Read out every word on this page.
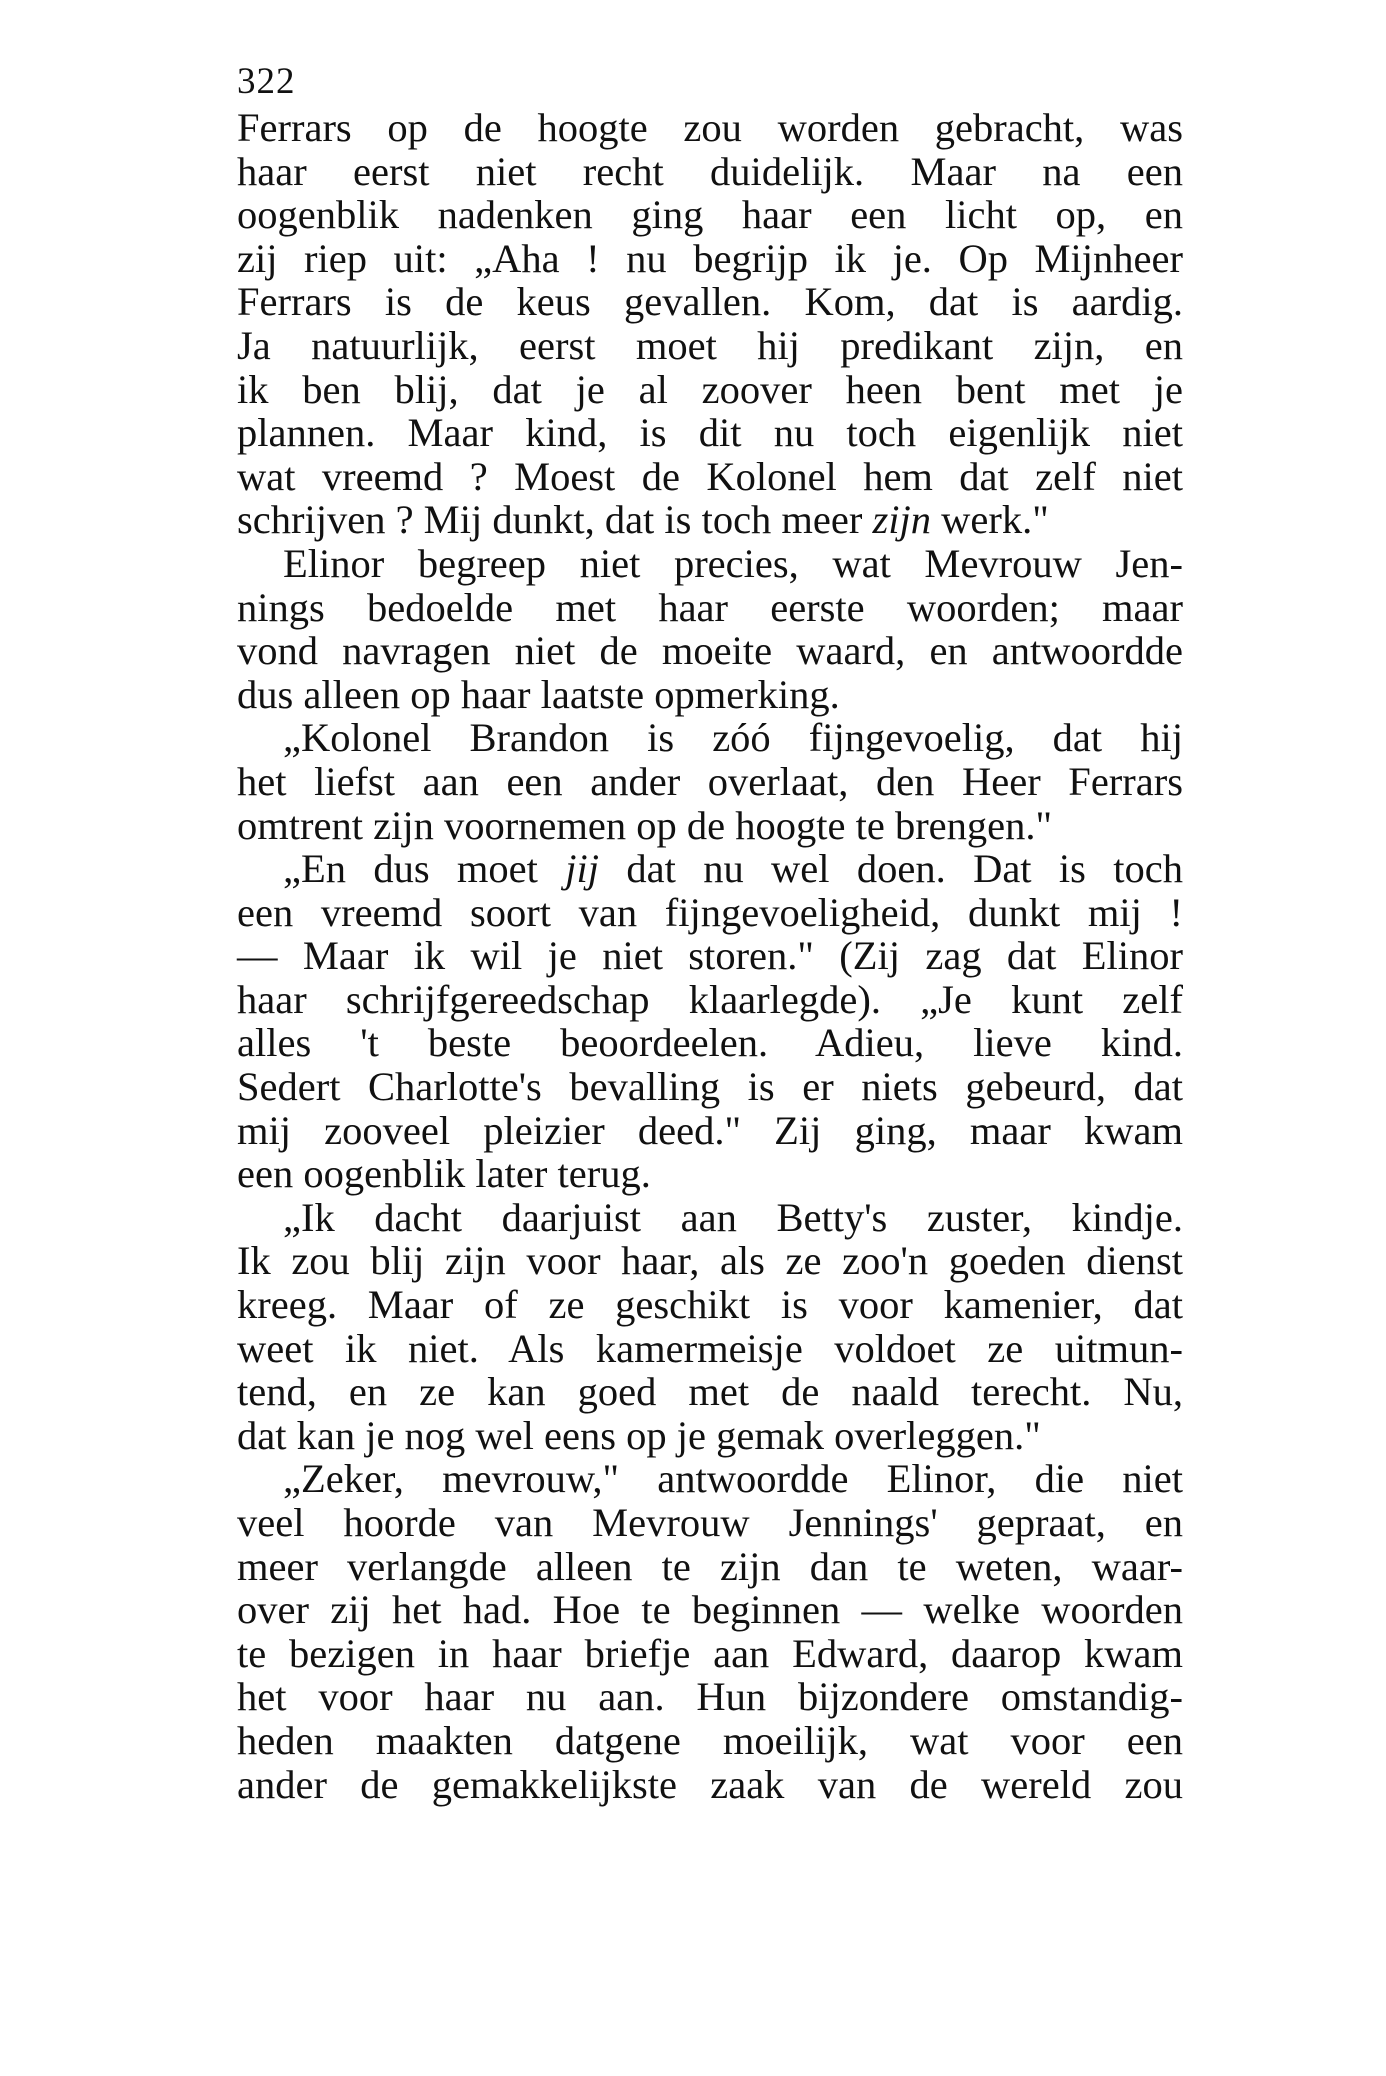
322
Ferrars op de hoogte zou worden gebracht, was
haar eerst niet recht duidelijk. Maar na een
oogenblik nadenken ging haar een licht op, en
zij riep uit: „Aha ! nu begrijp ik je. Op Mijnheer
Ferrars is de keus gevallen. Kom, dat is aardig.
Ja natuurlijk, eerst moet hij predikant zijn, en
ik ben blij, dat je al zoover heen bent met je
plannen. Maar kind, is dit nu toch eigenlijk niet
wat vreemd ? Moest de Kolonel hem dat zelf niet
schrijven ? Mij dunkt, dat is toch meer zijn werk."
Elinor begreep niet precies, wat Mevrouw Jen-
nings bedoelde met haar eerste woorden; maar
vond navragen niet de moeite waard, en antwoordde
dus alleen op haar laatste opmerking.
„Kolonel Brandon is zóó fijngevoelig, dat hij
het liefst aan een ander overlaat, den Heer Ferrars
omtrent zijn voornemen op de hoogte te brengen."
„En dus moet jij dat nu wel doen. Dat is toch
een vreemd soort van fijngevoeligheid, dunkt mij !
— Maar ik wil je niet storen." (Zij zag dat Elinor
haar schrijfgereedschap klaarlegde). „Je kunt zelf
alles 't beste beoordeelen. Adieu, lieve kind.
Sedert Charlotte's bevalling is er niets gebeurd, dat
mij zooveel pleizier deed." Zij ging, maar kwam
een oogenblik later terug.
„Ik dacht daarjuist aan Betty's zuster, kindje.
Ik zou blij zijn voor haar, als ze zoo'n goeden dienst
kreeg. Maar of ze geschikt is voor kamenier, dat
weet ik niet. Als kamermeisje voldoet ze uitmun-
tend, en ze kan goed met de naald terecht. Nu,
dat kan je nog wel eens op je gemak overleggen."
„Zeker, mevrouw," antwoordde Elinor, die niet
veel hoorde van Mevrouw Jennings' gepraat, en
meer verlangde alleen te zijn dan te weten, waar-
over zij het had. Hoe te beginnen — welke woorden
te bezigen in haar briefje aan Edward, daarop kwam
het voor haar nu aan. Hun bijzondere omstandig-
heden maakten datgene moeilijk, wat voor een
ander de gemakkelijkste zaak van de wereld zou
